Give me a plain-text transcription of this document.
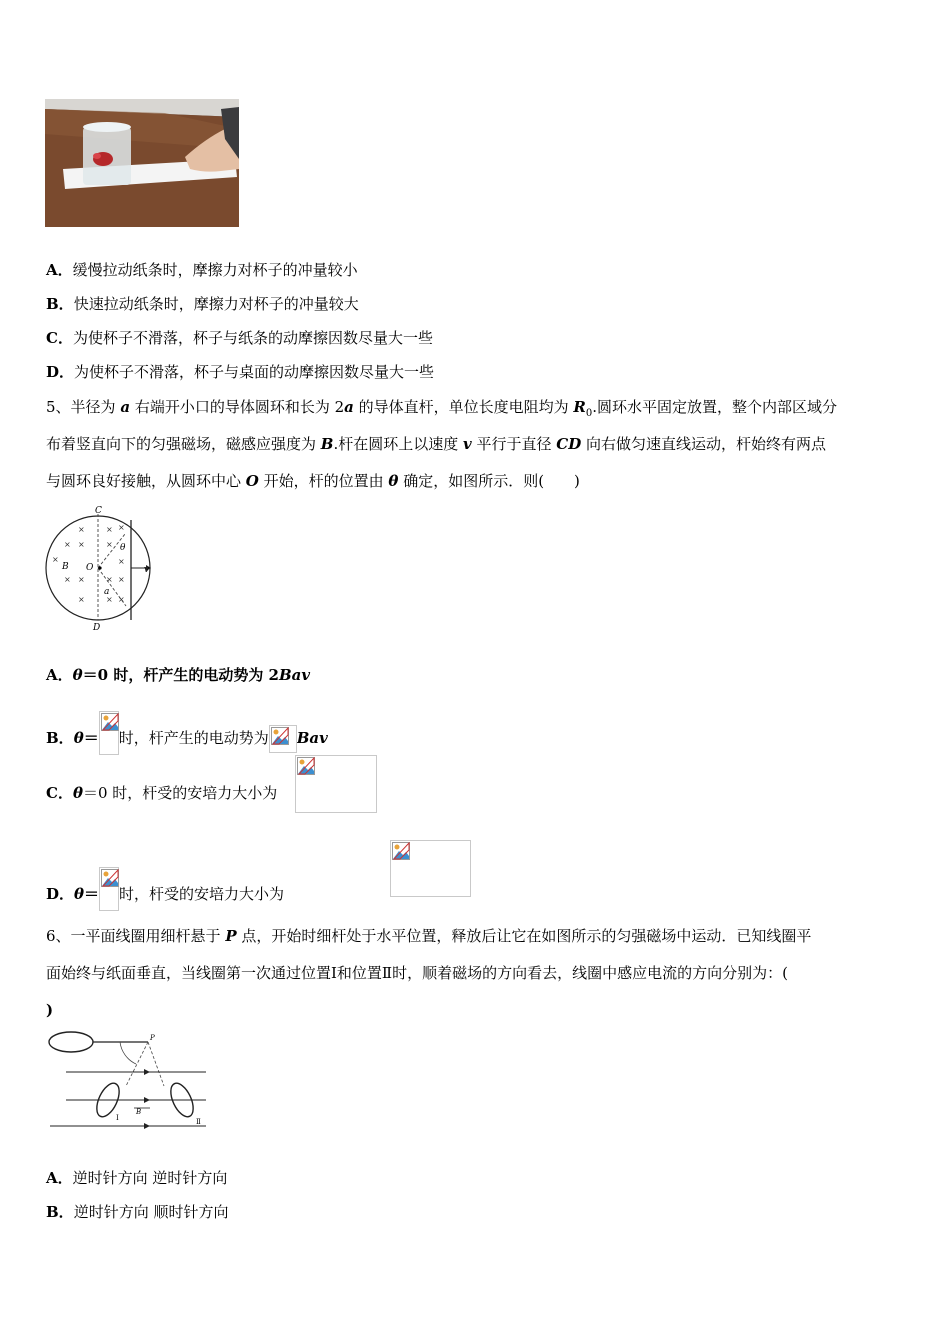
A．缓慢拉动纸条时，摩擦力对杯子的冲量较小
B．快速拉动纸条时，摩擦力对杯子的冲量较大
C．为使杯子不滑落，杯子与纸条的动摩擦因数尽量大一些
D．为使杯子不滑落，杯子与桌面的动摩擦因数尽量大一些
5、半径为 a 右端开小口的导体圆环和长为 2a 的导体直杆，单位长度电阻均为 $R_0$.圆环水平固定放置，整个内部区域分
布着竖直向下的匀强磁场，磁感应强度为 B.杆在圆环上以速度 v 平行于直径 CD 向右做匀速直线运动，杆始终有两点
与圆环良好接触，从圆环中心 O 开始，杆的位置由 θ 确定，如图所示．则(　　)
C
D
B O
a
θ
v
×	× ×
× ×	×
×	×
× ×	× ×
×	× ×
A．θ＝0 时，杆产生的电动势为 2Bav
B．θ＝ 时，杆产生的电动势为 Bav
C．θ＝0 时，杆受的安培力大小为

D．θ＝ 时，杆受的安培力大小为
6、一平面线圈用细杆悬于 P 点，开始时细杆处于水平位置，释放后让它在如图所示的匀强磁场中运动．已知线圈平
面始终与纸面垂直，当线圈第一次通过位置Ⅰ和位置Ⅱ时，顺着磁场的方向看去，线圈中感应电流的方向分别为：(
)
P
I	Ⅱ
B
A．逆时针方向 逆时针方向
B．逆时针方向 顺时针方向
